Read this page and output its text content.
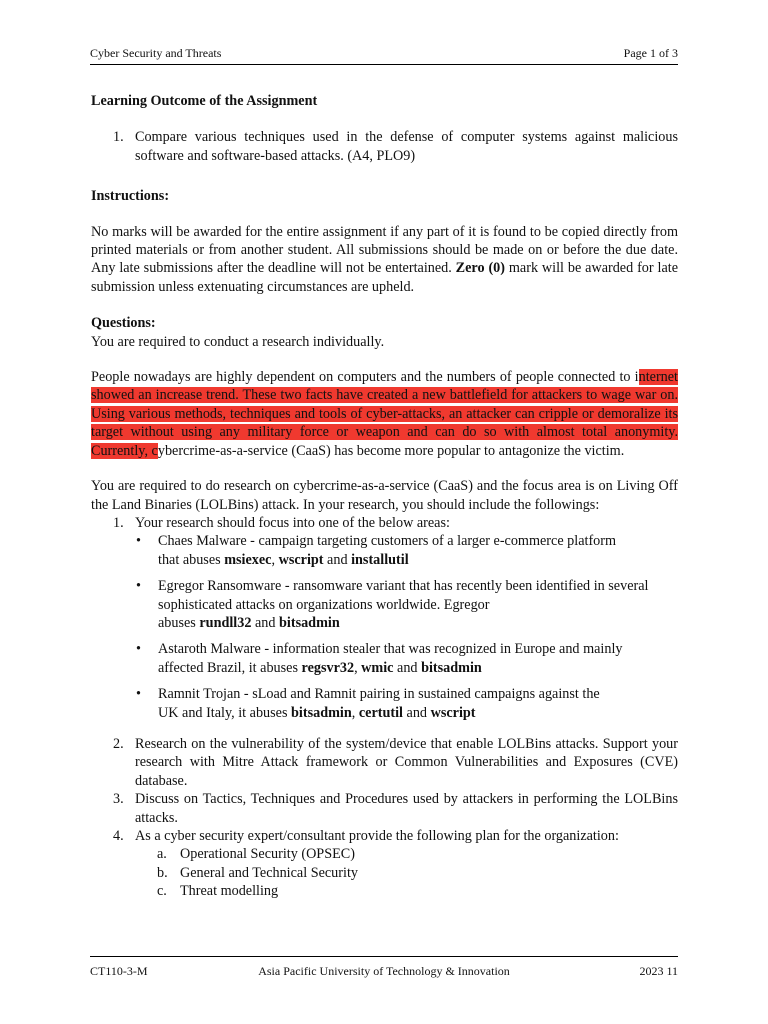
Cyber Security and Threats	Page 1 of 3

Learning Outcome of the Assignment

1. Compare various techniques used in the defense of computer systems against malicious software and software-based attacks. (A4, PLO9)

Instructions:

No marks will be awarded for the entire assignment if any part of it is found to be copied directly from printed materials or from another student. All submissions should be made on or before the due date. Any late submissions after the deadline will not be entertained. Zero (0) mark will be awarded for late submission unless extenuating circumstances are upheld.

Questions:

You are required to conduct a research individually.

People nowadays are highly dependent on computers and the numbers of people connected to internet showed an increase trend. These two facts have created a new battlefield for attackers to wage war on. Using various methods, techniques and tools of cyber-attacks, an attacker can cripple or demoralize its target without using any military force or weapon and can do so with almost total anonymity. Currently, cybercrime-as-a-service (CaaS) has become more popular to antagonize the victim.

You are required to do research on cybercrime-as-a-service (CaaS) and the focus area is on Living Off the Land Binaries (LOLBins) attack. In your research, you should include the followings:

1. Your research should focus into one of the below areas:
• Chaes Malware - campaign targeting customers of a larger e-commerce platform
that abuses msiexec, wscript and installutil
• Egregor Ransomware - ransomware variant that has recently been identified in several sophisticated attacks on organizations worldwide. Egregor
abuses rundll32 and bitsadmin
• Astaroth Malware - information stealer that was recognized in Europe and mainly
affected Brazil, it abuses regsvr32, wmic and bitsadmin
• Ramnit Trojan - sLoad and Ramnit pairing in sustained campaigns against the
UK and Italy, it abuses bitsadmin, certutil and wscript
2. Research on the vulnerability of the system/device that enable LOLBins attacks. Support your research with Mitre Attack framework or Common Vulnerabilities and Exposures (CVE) database.
3. Discuss on Tactics, Techniques and Procedures used by attackers in performing the LOLBins attacks.
4. As a cyber security expert/consultant provide the following plan for the organization:
a. Operational Security (OPSEC)
b. General and Technical Security
c. Threat modelling
CT110-3-M	Asia Pacific University of Technology & Innovation	2023 11
